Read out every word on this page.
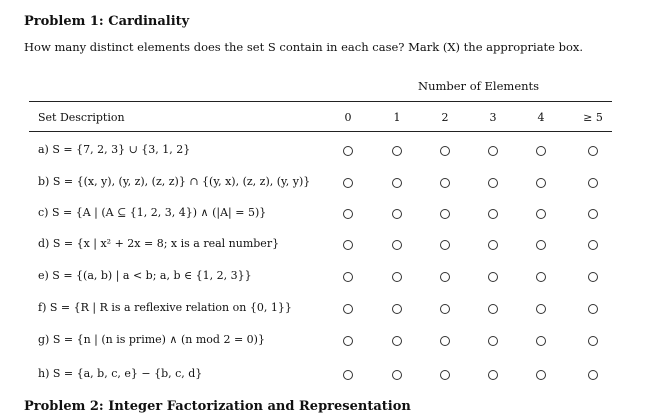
Problem 1: Cardinality
How many distinct elements does the set S contain in each case? Mark (X) the appropriate box.
Number of Elements
Set Description	0	1	2	3	4	≥ 5
a) S = {7, 2, 3} ∪ {3, 1, 2}
b) S = {(x, y), (y, z), (z, z)} ∩ {(y, x), (z, z), (y, y)}
c) S = {A | (A ⊆ {1, 2, 3, 4}) ∧ (|A| = 5)}
d) S = {x | x² + 2x = 8; x is a real number}
e) S = {(a, b) | a < b; a, b ∈ {1, 2, 3}}
f) S = {R | R is a reflexive relation on {0, 1}}
g) S = {n | (n is prime) ∧ (n mod 2 = 0)}
h) S = {a, b, c, e} − {b, c, d}
Problem 2: Integer Factorization and Representation
